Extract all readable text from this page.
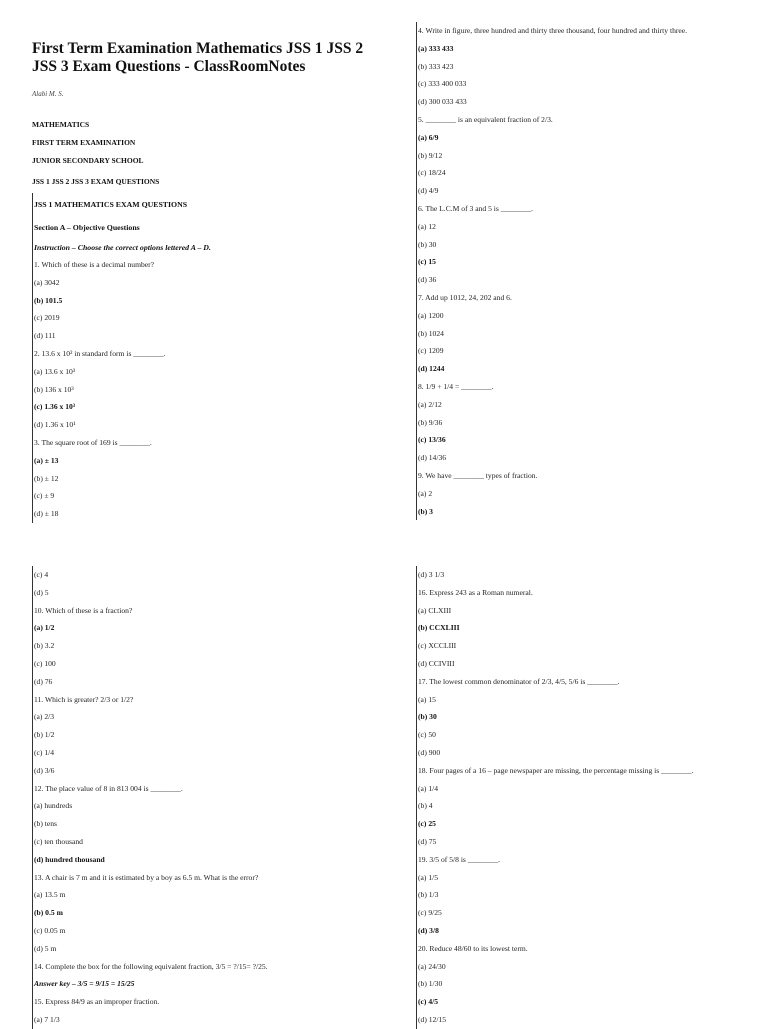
First Term Examination Mathematics JSS 1 JSS 2 JSS 3 Exam Questions - ClassRoomNotes
Alabi M. S.
MATHEMATICS
FIRST TERM EXAMINATION
JUNIOR SECONDARY SCHOOL
JSS 1 JSS 2 JSS 3 EXAM QUESTIONS
JSS 1 MATHEMATICS EXAM QUESTIONS
Section A – Objective Questions
Instruction – Choose the correct options lettered A – D.
1. Which of these is a decimal number?
(a) 3042
(b) 101.5
(c) 2019
(d) 111
2. 13.6 x 10² in standard form is ________.
(a) 13.6 x 10³
(b) 136 x 10³
(c) 1.36 x 10³
(d) 1.36 x 10¹
3. The square root of 169 is ________.
(a) ± 13
(b) ± 12
(c) ± 9
(d) ± 18
4. Write in figure, three hundred and thirty three thousand, four hundred and thirty three.
(a) 333 433
(b) 333 423
(c) 333 400 033
(d) 300 033 433
5. ________ is an equivalent fraction of 2/3.
(a) 6/9
(b) 9/12
(c) 18/24
(d) 4/9
6. The L.C.M of 3 and 5 is ________.
(a) 12
(b) 30
(c) 15
(d) 36
7. Add up 1012, 24, 202 and 6.
(a) 1200
(b) 1024
(c) 1209
(d) 1244
8. 1/9 + 1/4 = ________.
(a) 2/12
(b) 9/36
(c) 13/36
(d) 14/36
9. We have ________ types of fraction.
(a) 2
(b) 3
(c) 4
(d) 5
10. Which of these is a fraction?
(a) 1/2
(b) 3.2
(c) 100
(d) 76
11. Which is greater? 2/3 or 1/2?
(a) 2/3
(b) 1/2
(c) 1/4
(d) 3/6
12. The place value of 8 in 813 004 is ________.
(a) hundreds
(b) tens
(c) ten thousand
(d) hundred thousand
13. A chair is 7 m and it is estimated by a boy as 6.5 m. What is the error?
(a) 13.5 m
(b) 0.5 m
(c) 0.05 m
(d) 5 m
14. Complete the box for the following equivalent fraction, 3/5 = ?/15= ?/25.
Answer key – 3/5 = 9/15 = 15/25
15. Express 84/9 as an improper fraction.
(a) 7 1/3
(d) 3 1/3
16. Express 243 as a Roman numeral.
(a) CLXIII
(b) CCXLIII
(c) XCCLIII
(d) CCIVIII
17. The lowest common denominator of 2/3, 4/5, 5/6 is ________.
(a) 15
(b) 30
(c) 50
(d) 900
18. Four pages of a 16 – page newspaper are missing, the percentage missing is ________.
(a) 1/4
(b) 4
(c) 25
(d) 75
19. 3/5 of 5/8 is ________.
(a) 1/5
(b) 1/3
(c) 9/25
(d) 3/8
20. Reduce 48/60 to its lowest term.
(a) 24/30
(b) 1/30
(c) 4/5
(d) 12/15
